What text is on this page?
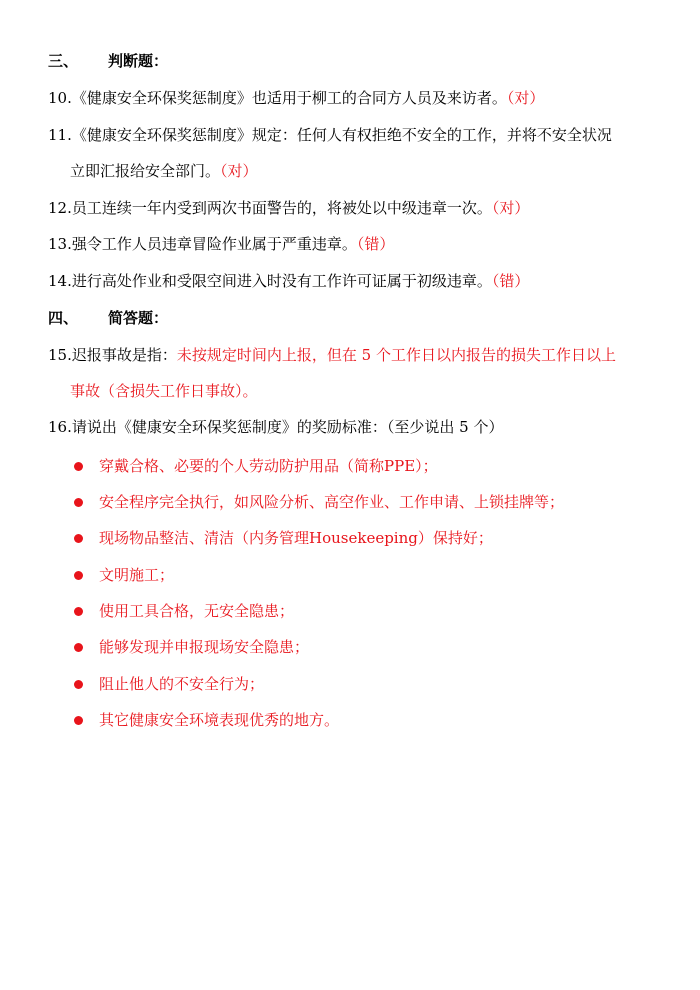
三、 判断题：
10.《健康安全环保奖惩制度》也适用于柳工的合同方人员及来访者。（对）
11.《健康安全环保奖惩制度》规定：任何人有权拒绝不安全的工作，并将不安全状况
立即汇报给安全部门。（对）
12.员工连续一年内受到两次书面警告的，将被处以中级违章一次。（对）
13.强令工作人员违章冒险作业属于严重违章。（错）
14.进行高处作业和受限空间进入时没有工作许可证属于初级违章。（错）
四、 简答题：
15.迟报事故是指：未按规定时间内上报，但在 5 个工作日以内报告的损失工作日以上
事故（含损失工作日事故）。
16.请说出《健康安全环保奖惩制度》的奖励标准：（至少说出 5 个）
穿戴合格、必要的个人劳动防护用品（简称PPE）；
安全程序完全执行，如风险分析、高空作业、工作申请、上锁挂牌等；
现场物品整洁、清洁（内务管理Housekeeping）保持好；
文明施工；
使用工具合格，无安全隐患；
能够发现并申报现场安全隐患；
阻止他人的不安全行为；
其它健康安全环境表现优秀的地方。
